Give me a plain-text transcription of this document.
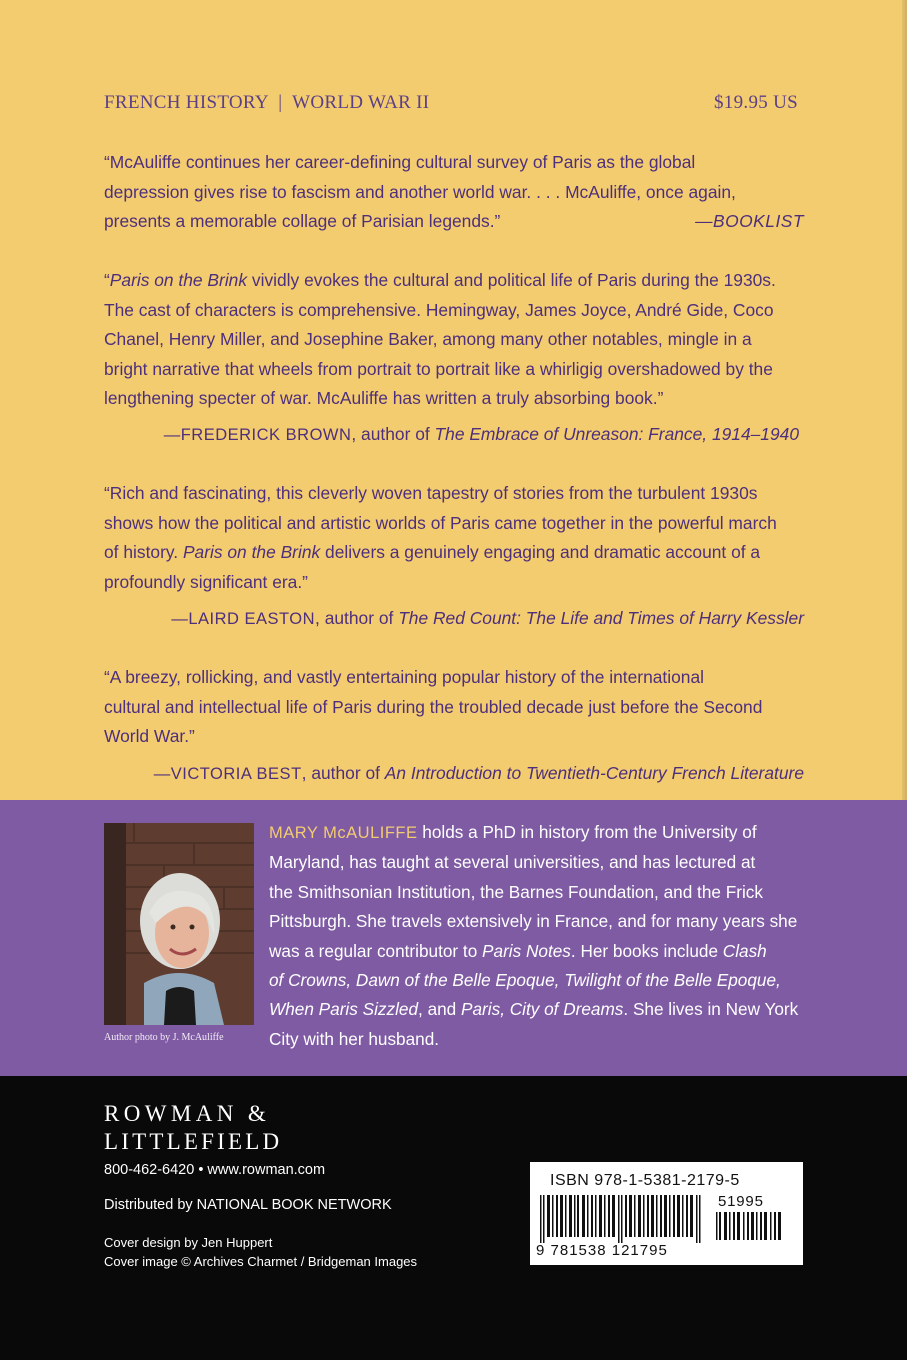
FRENCH HISTORY  |  WORLD WAR II	$19.95 US

“McAuliffe continues her career-defining cultural survey of Paris as the global

depression gives rise to fascism and another world war. . . . McAuliffe, once again,

presents a memorable collage of Parisian legends.”	—BOOKLIST

“Paris on the Brink vividly evokes the cultural and political life of Paris during the 1930s.

The cast of characters is comprehensive. Hemingway, James Joyce, André Gide, Coco

Chanel, Henry Miller, and Josephine Baker, among many other notables, mingle in a

bright narrative that wheels from portrait to portrait like a whirligig overshadowed by the

lengthening specter of war. McAuliffe has written a truly absorbing book.”

—FREDERICK BROWN, author of The Embrace of Unreason: France, 1914–1940

“Rich and fascinating, this cleverly woven tapestry of stories from the turbulent 1930s

shows how the political and artistic worlds of Paris came together in the powerful march

of history. Paris on the Brink delivers a genuinely engaging and dramatic account of a

profoundly significant era.”

—LAIRD EASTON, author of The Red Count: The Life and Times of Harry Kessler

“A breezy, rollicking, and vastly entertaining popular history of the international

cultural and intellectual life of Paris during the troubled decade just before the Second

World War.”

—VICTORIA BEST, author of An Introduction to Twentieth-Century French Literature
Author photo by J. McAuliffe
MARY McAULIFFE holds a PhD in history from the University of
Maryland, has taught at several universities, and has lectured at
the Smithsonian Institution, the Barnes Foundation, and the Frick
Pittsburgh. She travels extensively in France, and for many years she
was a regular contributor to Paris Notes. Her books include Clash
of Crowns, Dawn of the Belle Epoque, Twilight of the Belle Epoque,
When Paris Sizzled, and Paris, City of Dreams. She lives in New York
City with her husband.
ROWMAN &
LITTLEFIELD
800-462-6420 • www.rowman.com
Distributed by NATIONAL BOOK NETWORK
Cover design by Jen Huppert
Cover image © Archives Charmet / Bridgeman Images
ISBN 978-1-5381-2179-5
51995
9 781538 121795
